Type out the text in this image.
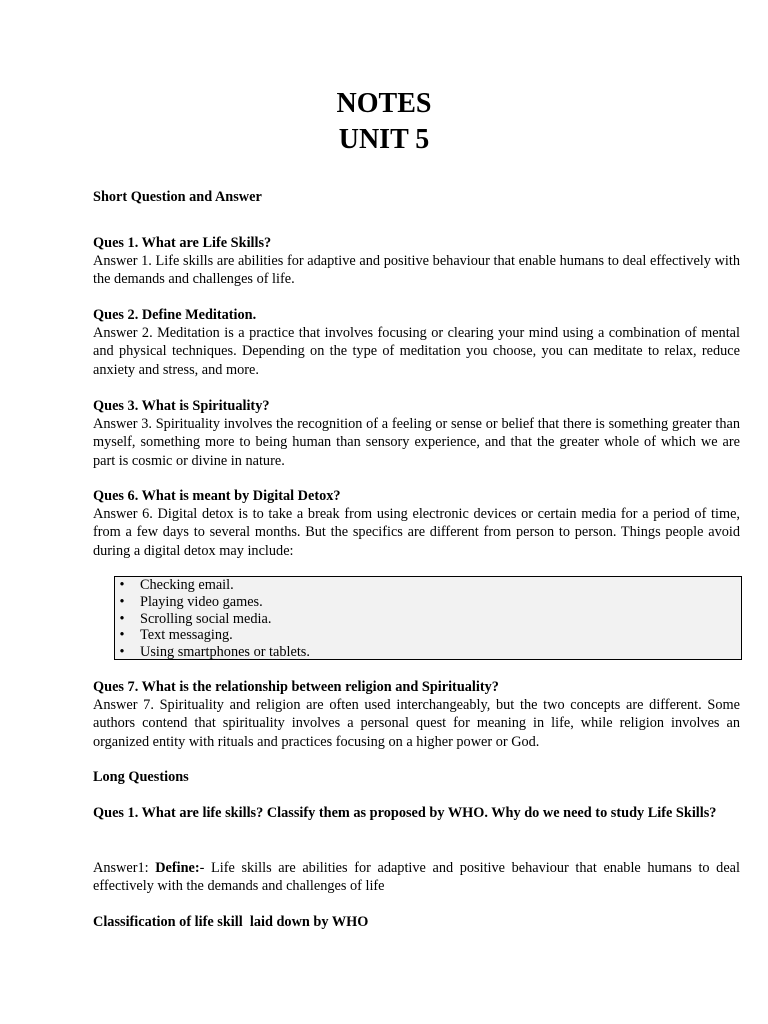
NOTES
UNIT 5
Short Question and Answer
Ques 1. What are Life Skills?
Answer 1. Life skills are abilities for adaptive and positive behaviour that enable humans to deal effectively with the demands and challenges of life.
Ques 2. Define Meditation.
Answer 2. Meditation is a practice that involves focusing or clearing your mind using a combination of mental and physical techniques. Depending on the type of meditation you choose, you can meditate to relax, reduce anxiety and stress, and more.
Ques 3. What is Spirituality?
Answer 3. Spirituality involves the recognition of a feeling or sense or belief that there is something greater than myself, something more to being human than sensory experience, and that the greater whole of which we are part is cosmic or divine in nature.
Ques 6. What is meant by Digital Detox?
Answer 6. Digital detox is to take a break from using electronic devices or certain media for a period of time, from a few days to several months. But the specifics are different from person to person. Things people avoid during a digital detox may include:
• Checking email.
• Playing video games.
• Scrolling social media.
• Text messaging.
• Using smartphones or tablets.
Ques 7. What is the relationship between religion and Spirituality?
Answer 7. Spirituality and religion are often used interchangeably, but the two concepts are different. Some authors contend that spirituality involves a personal quest for meaning in life, while religion involves an organized entity with rituals and practices focusing on a higher power or God.
Long Questions
Ques 1. What are life skills? Classify them as proposed by WHO. Why do we need to study Life Skills?
Answer1: Define:- Life skills are abilities for adaptive and positive behaviour that enable humans to deal effectively with the demands and challenges of life
Classification of life skill  laid down by WHO
